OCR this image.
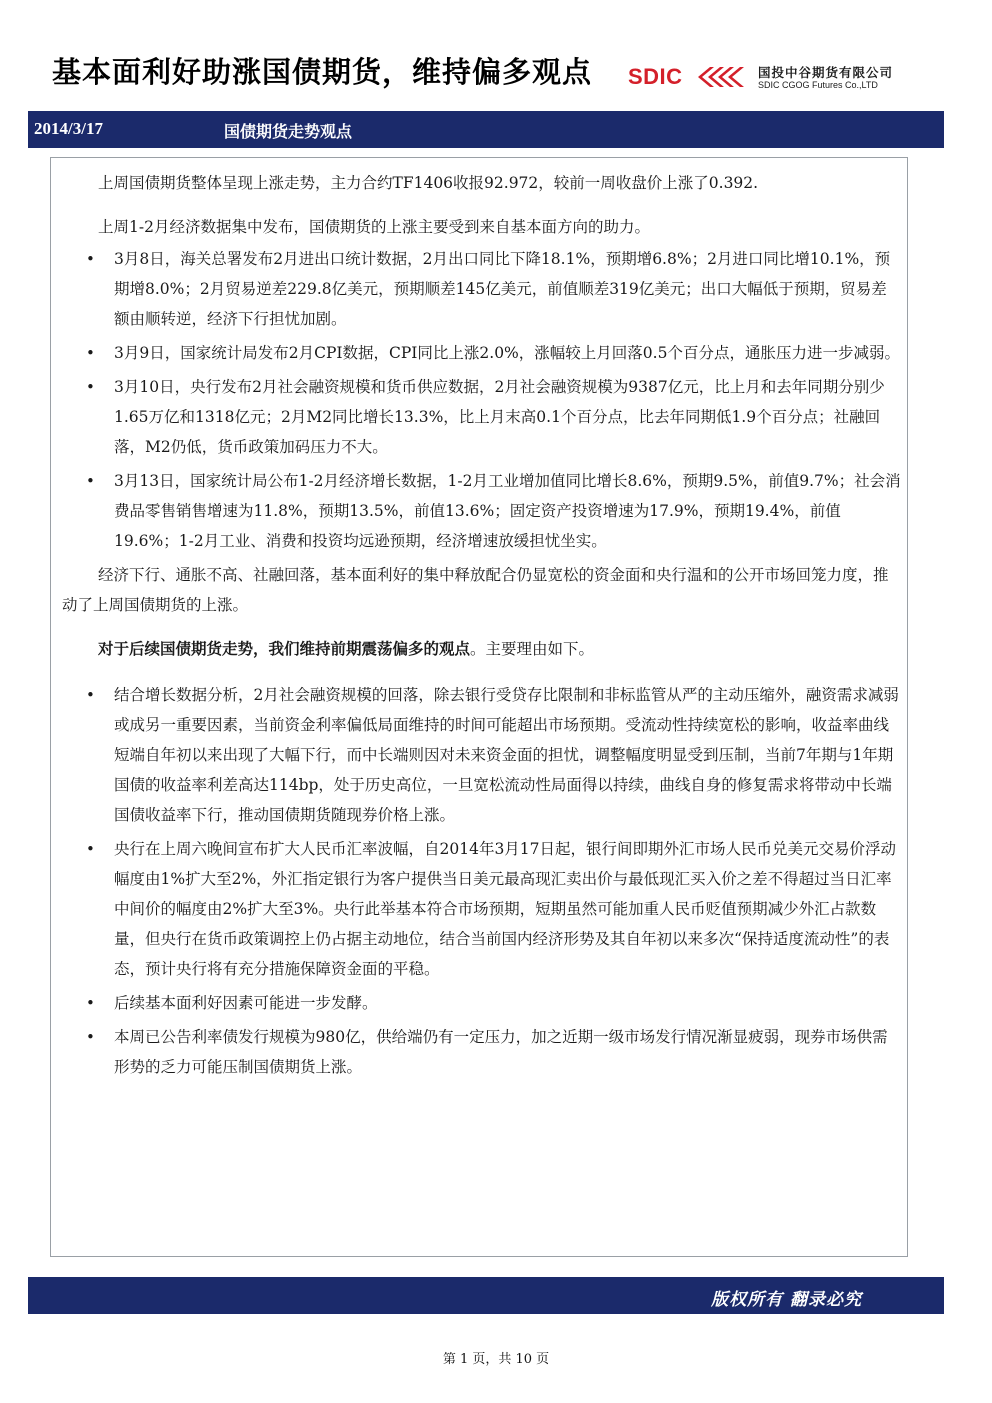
基本面利好助涨国债期货，维持偏多观点 SDIC	国投中谷期货有限公司
SDIC CGOG Futures Co.,LTD
2014/3/17	国债期货走势观点

上周国债期货整体呈现上涨走势，主力合约TF1406收报92.972，较前一周收盘价上涨了0.392.

上周1-2月经济数据集中发布，国债期货的上涨主要受到来自基本面方向的助力。

• 3月8日，海关总署发布2月进出口统计数据，2月出口同比下降18.1%，预期增6.8%；2月进口同比增10.1%，预期增8.0%；2月贸易逆差229.8亿美元，预期顺差145亿美元，前值顺差319亿美元；出口大幅低于预期，贸易差额由顺转逆，经济下行担忧加剧。
• 3月9日，国家统计局发布2月CPI数据，CPI同比上涨2.0%，涨幅较上月回落0.5个百分点，通胀压力进一步减弱。
• 3月10日，央行发布2月社会融资规模和货币供应数据，2月社会融资规模为9387亿元，比上月和去年同期分别少1.65万亿和1318亿元；2月M2同比增长13.3%，比上月末高0.1个百分点，比去年同期低1.9个百分点；社融回落，M2仍低，货币政策加码压力不大。
• 3月13日，国家统计局公布1-2月经济增长数据，1-2月工业增加值同比增长8.6%，预期9.5%，前值9.7%；社会消费品零售销售增速为11.8%，预期13.5%，前值13.6%；固定资产投资增速为17.9%，预期19.4%，前值19.6%；1-2月工业、消费和投资均远逊预期，经济增速放缓担忧坐实。

经济下行、通胀不高、社融回落，基本面利好的集中释放配合仍显宽松的资金面和央行温和的公开市场回笼力度，推动了上周国债期货的上涨。

对于后续国债期货走势，我们维持前期震荡偏多的观点。主要理由如下。

• 结合增长数据分析，2月社会融资规模的回落，除去银行受贷存比限制和非标监管从严的主动压缩外，融资需求减弱或成另一重要因素，当前资金利率偏低局面维持的时间可能超出市场预期。受流动性持续宽松的影响，收益率曲线短端自年初以来出现了大幅下行，而中长端则因对未来资金面的担忧，调整幅度明显受到压制，当前7年期与1年期国债的收益率利差高达114bp，处于历史高位，一旦宽松流动性局面得以持续，曲线自身的修复需求将带动中长端国债收益率下行，推动国债期货随现券价格上涨。
• 央行在上周六晚间宣布扩大人民币汇率波幅，自2014年3月17日起，银行间即期外汇市场人民币兑美元交易价浮动幅度由1%扩大至2%，外汇指定银行为客户提供当日美元最高现汇卖出价与最低现汇买入价之差不得超过当日汇率中间价的幅度由2%扩大至3%。央行此举基本符合市场预期，短期虽然可能加重人民币贬值预期减少外汇占款数量，但央行在货币政策调控上仍占据主动地位，结合当前国内经济形势及其自年初以来多次“保持适度流动性”的表态，预计央行将有充分措施保障资金面的平稳。
• 后续基本面利好因素可能进一步发酵。
• 本周已公告利率债发行规模为980亿，供给端仍有一定压力，加之近期一级市场发行情况渐显疲弱，现券市场供需形势的乏力可能压制国债期货上涨。
版权所有 翻录必究
第 1 页，共 10 页
